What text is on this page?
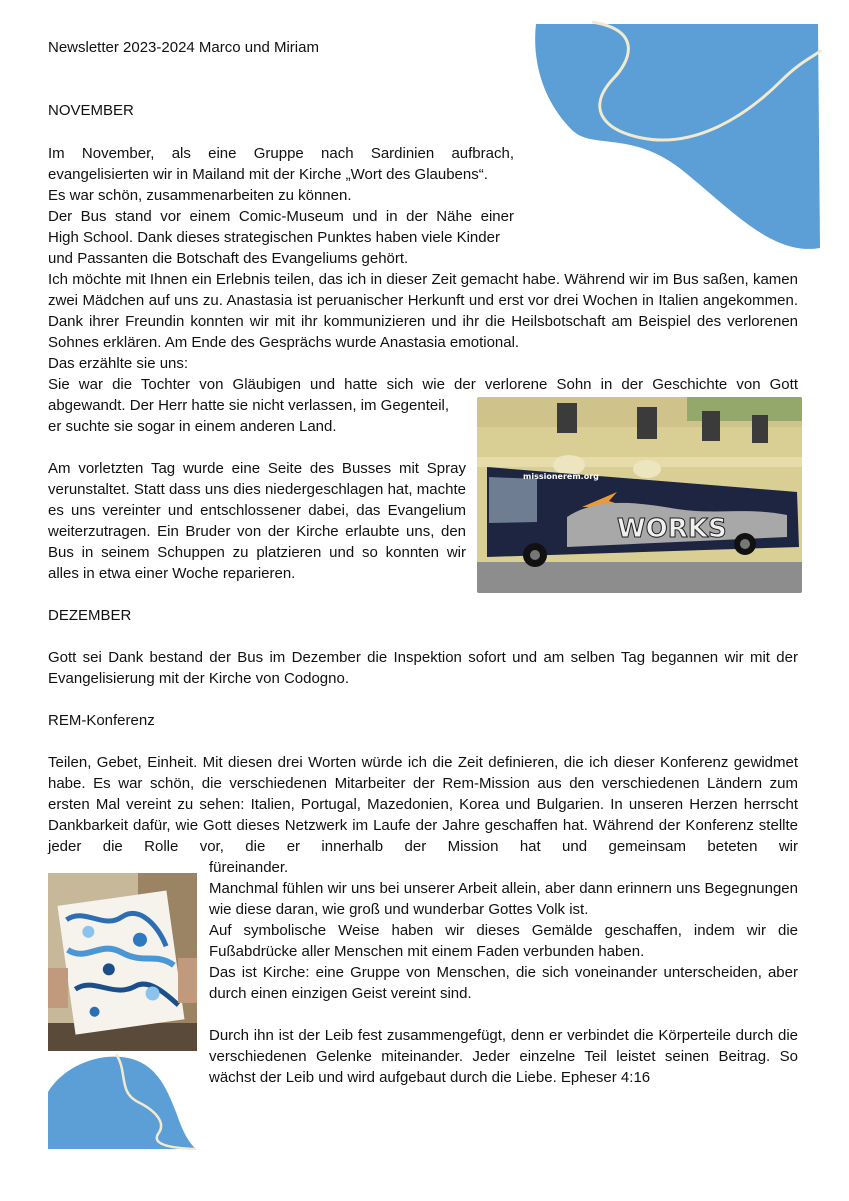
Newsletter 2023-2024 Marco und Miriam
NOVEMBER

Im November, als eine Gruppe nach Sardinien aufbrach,

evangelisierten wir in Mailand mit der Kirche „Wort des Glaubens“.

Es war schön, zusammenarbeiten zu können.

Der Bus stand vor einem Comic-Museum und in der Nähe einer

High School. Dank dieses strategischen Punktes haben viele Kinder

und Passanten die Botschaft des Evangeliums gehört.

Ich möchte mit Ihnen ein Erlebnis teilen, das ich in dieser Zeit gemacht habe. Während wir im Bus saßen, kamen zwei Mädchen auf uns zu. Anastasia ist peruanischer Herkunft und erst vor drei Wochen in Italien angekommen. Dank ihrer Freundin konnten wir mit ihr kommunizieren und ihr die Heilsbotschaft am Beispiel des verlorenen Sohnes erklären. Am Ende des Gesprächs wurde Anastasia emotional.

Das erzählte sie uns:

Sie war die Tochter von Gläubigen und hatte sich wie der verlorene Sohn in der Geschichte von Gott

abgewandt. Der Herr hatte sie nicht verlassen, im Gegenteil, er suchte sie sogar in einem anderen Land.

Am vorletzten Tag wurde eine Seite des Busses mit Spray verunstaltet. Statt dass uns dies niedergeschlagen hat, machte es uns vereinter und entschlossener dabei, das Evangelium weiterzutragen. Ein Bruder von der Kirche erlaubte uns, den Bus in seinem Schuppen zu platzieren und so konnten wir alles in etwa einer Woche reparieren.

missionerem.org
WORKS
DEZEMBER

Gott sei Dank bestand der Bus im Dezember die Inspektion sofort und am selben Tag begannen wir mit der Evangelisierung mit der Kirche von Codogno.

REM-Konferenz

Teilen, Gebet, Einheit. Mit diesen drei Worten würde ich die Zeit definieren, die ich dieser Konferenz gewidmet habe. Es war schön, die verschiedenen Mitarbeiter der Rem-Mission aus den verschiedenen Ländern zum ersten Mal vereint zu sehen: Italien, Portugal, Mazedonien, Korea und Bulgarien. In unseren Herzen herrscht Dankbarkeit dafür, wie Gott dieses Netzwerk im Laufe der Jahre geschaffen hat. Während der Konferenz stellte jeder die Rolle vor, die er innerhalb der Mission hat und gemeinsam beteten wir

füreinander.

Manchmal fühlen wir uns bei unserer Arbeit allein, aber dann erinnern uns Begegnungen wie diese daran, wie groß und wunderbar Gottes Volk ist.

Auf symbolische Weise haben wir dieses Gemälde geschaffen, indem wir die Fußabdrücke aller Menschen mit einem Faden verbunden haben.

Das ist Kirche: eine Gruppe von Menschen, die sich voneinander unterscheiden, aber durch einen einzigen Geist vereint sind.

Durch ihn ist der Leib fest zusammengefügt, denn er verbindet die Körperteile durch die verschiedenen Gelenke miteinander. Jeder einzelne Teil leistet seinen Beitrag. So wächst der Leib und wird aufgebaut durch die Liebe. Epheser 4:16
